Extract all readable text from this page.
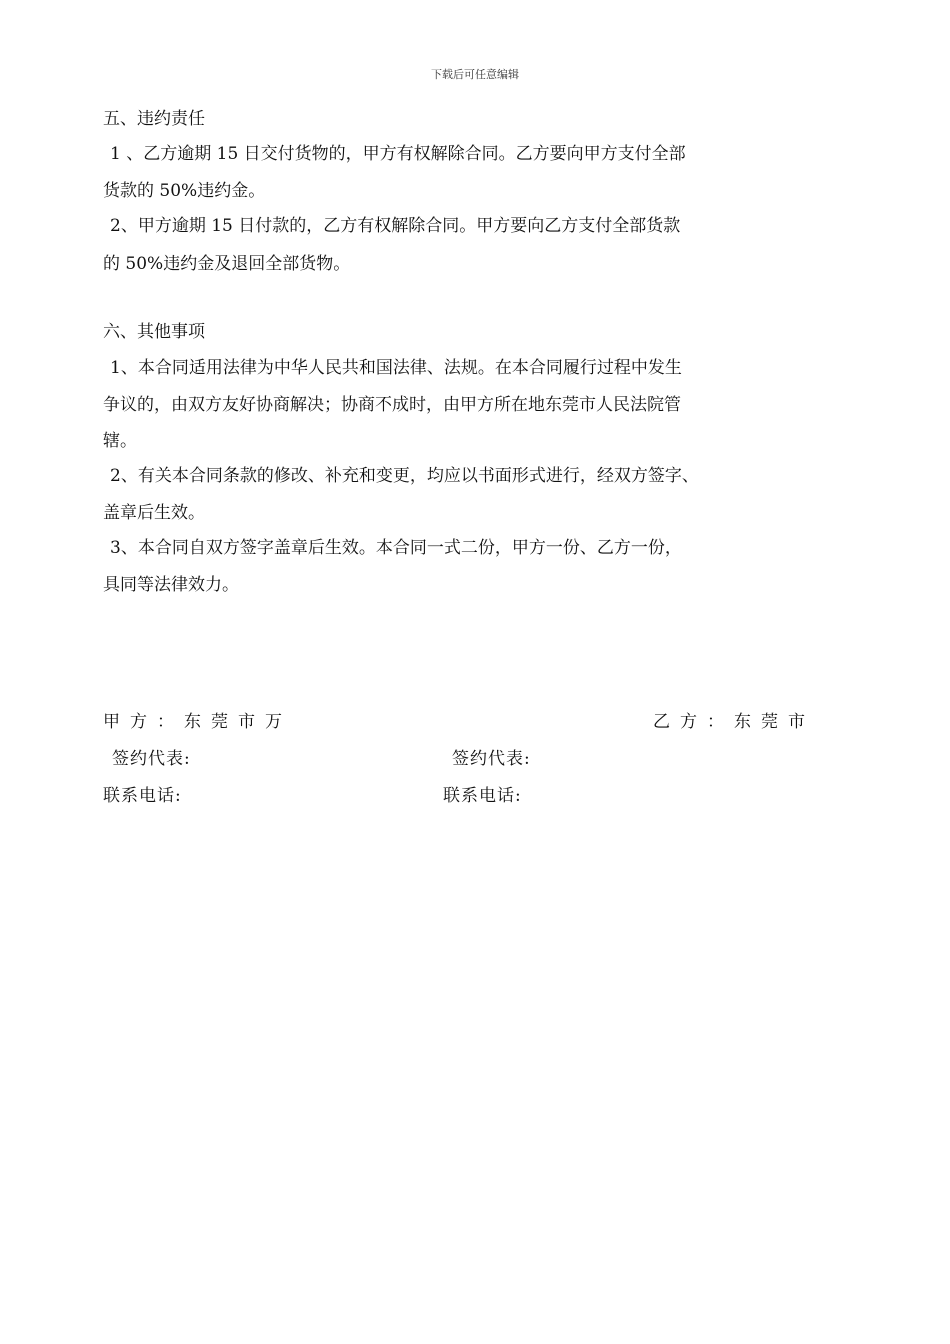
下载后可任意编辑
五、违约责任
1 、乙方逾期 15 日交付货物的，甲方有权解除合同。乙方要向甲方支付全部
货款的 50%违约金。
2、甲方逾期 15 日付款的，乙方有权解除合同。甲方要向乙方支付全部货款
的 50%违约金及退回全部货物。
六、其他事项
1、本合同适用法律为中华人民共和国法律、法规。在本合同履行过程中发生
争议的，由双方友好协商解决；协商不成时，由甲方所在地东莞市人民法院管
辖。
2、有关本合同条款的修改、补充和变更，均应以书面形式进行，经双方签字、
盖章后生效。
3、本合同自双方签字盖章后生效。本合同一式二份，甲方一份、乙方一份，
具同等法律效力。
甲方：东莞市万	乙方：东莞市
签约代表:	签约代表:
联系电话:	联系电话:
